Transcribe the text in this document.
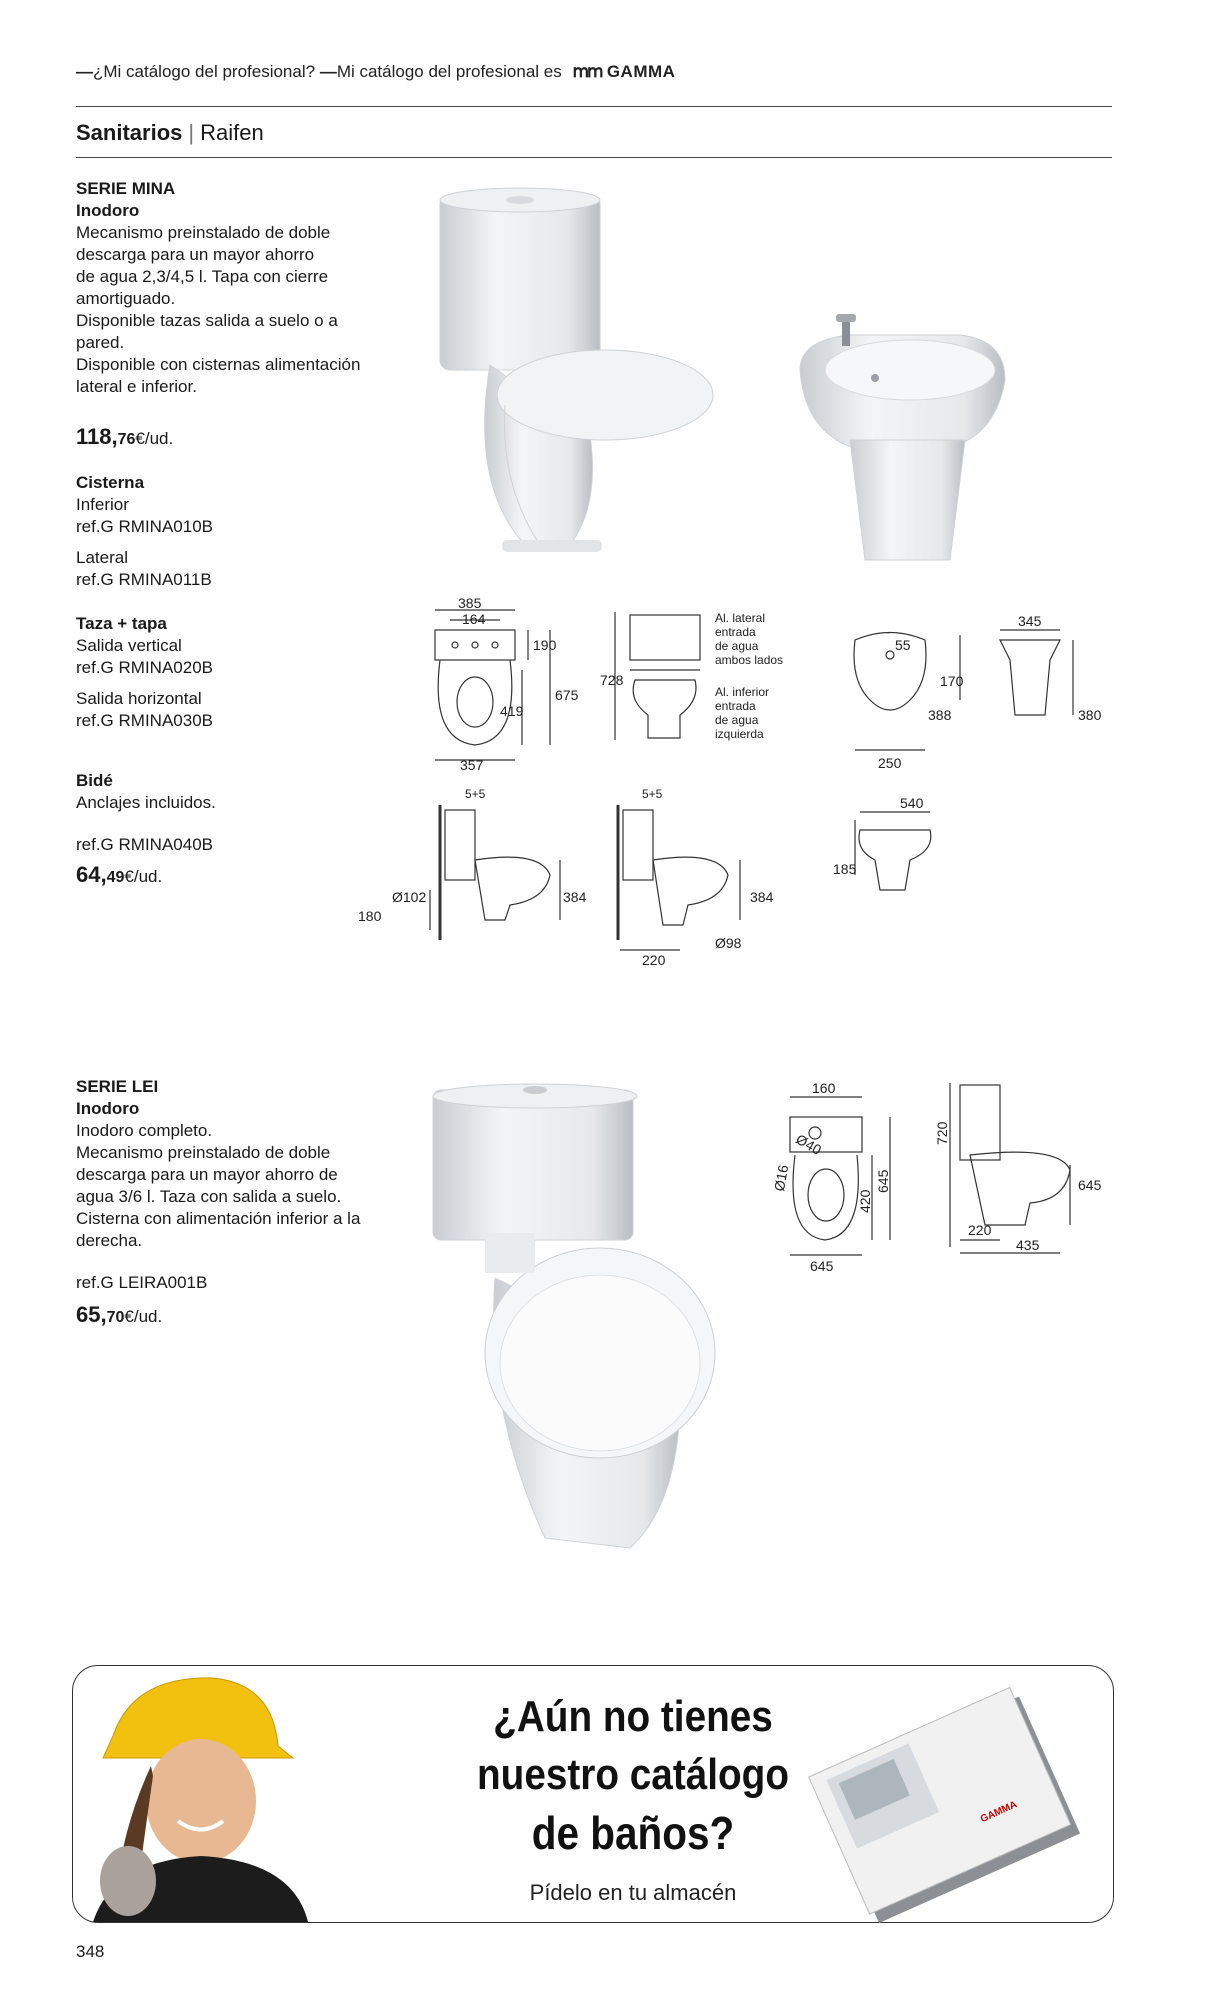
—¿Mi catálogo del profesional? —Mi catálogo del profesional es ⅿⅿ GAMMA
Sanitarios | Raifen
SERIE MINA
Inodoro
Mecanismo preinstalado de doble
descarga para un mayor ahorro
de agua 2,3/4,5 l. Tapa con cierre
amortiguado.
Disponible tazas salida a suelo o a
pared.
Disponible con cisternas alimentación
lateral e inferior.
118,76€/ud.
Cisterna
Inferior
ref.G RMINA010B
Lateral
ref.G RMINA011B
Taza + tapa
Salida vertical
ref.G RMINA020B
Salida horizontal
ref.G RMINA030B
Bidé
Anclajes incluidos.
ref.G RMINA040B
64,49€/ud.
385
164
190
675
419
357
728
Al. lateral
entrada
de agua
ambos lados
Al. inferior
entrada
de agua
izquierda
55
170
388
250
345
380
5+5	5+5
Ø102
180
384	384
220
Ø98
540
185
SERIE LEI
Inodoro
Inodoro completo.
Mecanismo preinstalado de doble
descarga para un mayor ahorro de
agua 3/6 l. Taza con salida a suelo.
Cisterna con alimentación inferior a la
derecha.
ref.G LEIRA001B
65,70€/ud.
160
Ø40
Ø16
420
645
645
720
645
220
435
¿Aún no tienes
nuestro catálogo
de baños?
Pídelo en tu almacén
GAMMA
348
